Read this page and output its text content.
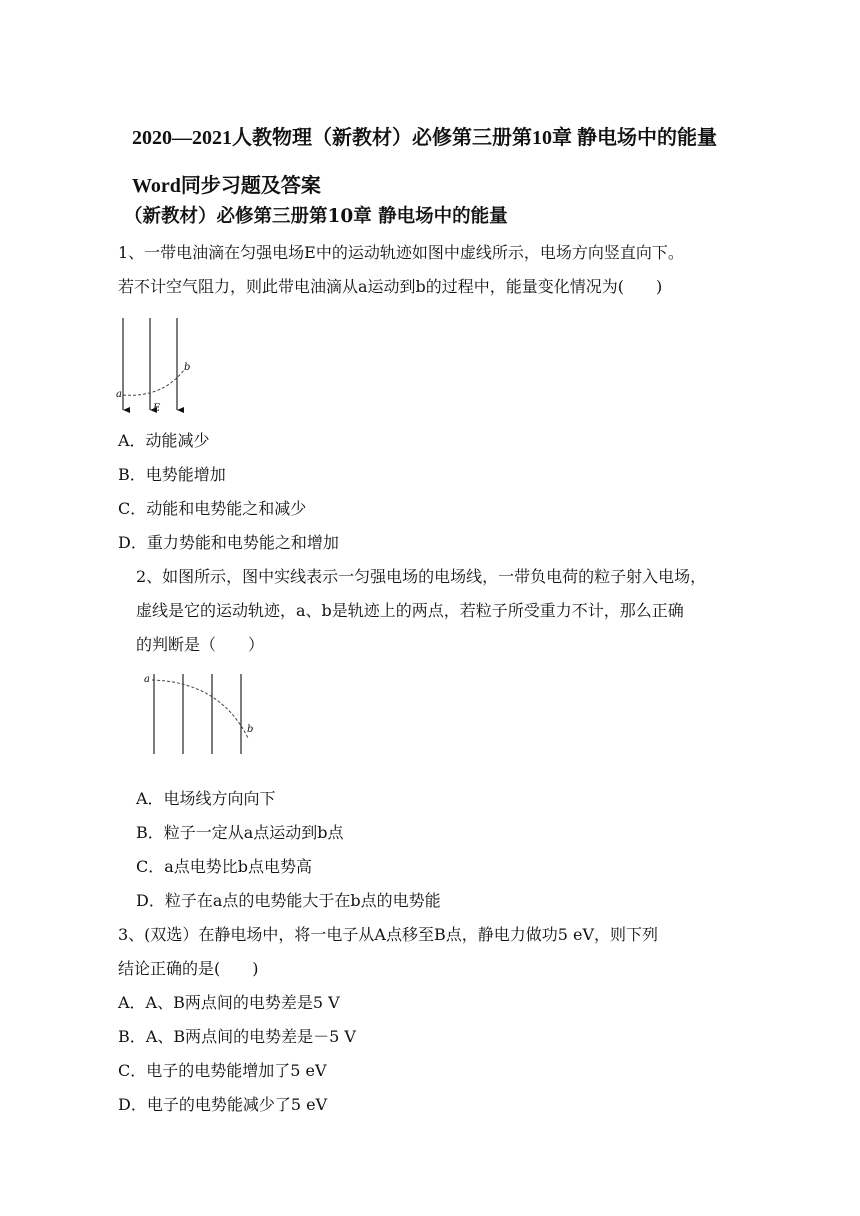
2020—2021人教物理（新教材）必修第三册第10章 静电场中的能量Word同步习题及答案
（新教材）必修第三册第10章 静电场中的能量

1、一带电油滴在匀强电场E中的运动轨迹如图中虚线所示，电场方向竖直向下。

若不计空气阻力，则此带电油滴从a运动到b的过程中，能量变化情况为(　　)

a
b
E

A．动能减少

B．电势能增加

C．动能和电势能之和减少

D．重力势能和电势能之和增加

2、如图所示，图中实线表示一匀强电场的电场线，一带负电荷的粒子射入电场，

虚线是它的运动轨迹，a、b是轨迹上的两点，若粒子所受重力不计，那么正确

的判断是（　　）

a
b

A．电场线方向向下

B．粒子一定从a点运动到b点

C．a点电势比b点电势高

D．粒子在a点的电势能大于在b点的电势能

3、(双选）在静电场中，将一电子从A点移至B点，静电力做功5 eV，则下列

结论正确的是(　　)

A．A、B两点间的电势差是5 V

B．A、B两点间的电势差是－5 V

C．电子的电势能增加了5 eV

D．电子的电势能减少了5 eV
